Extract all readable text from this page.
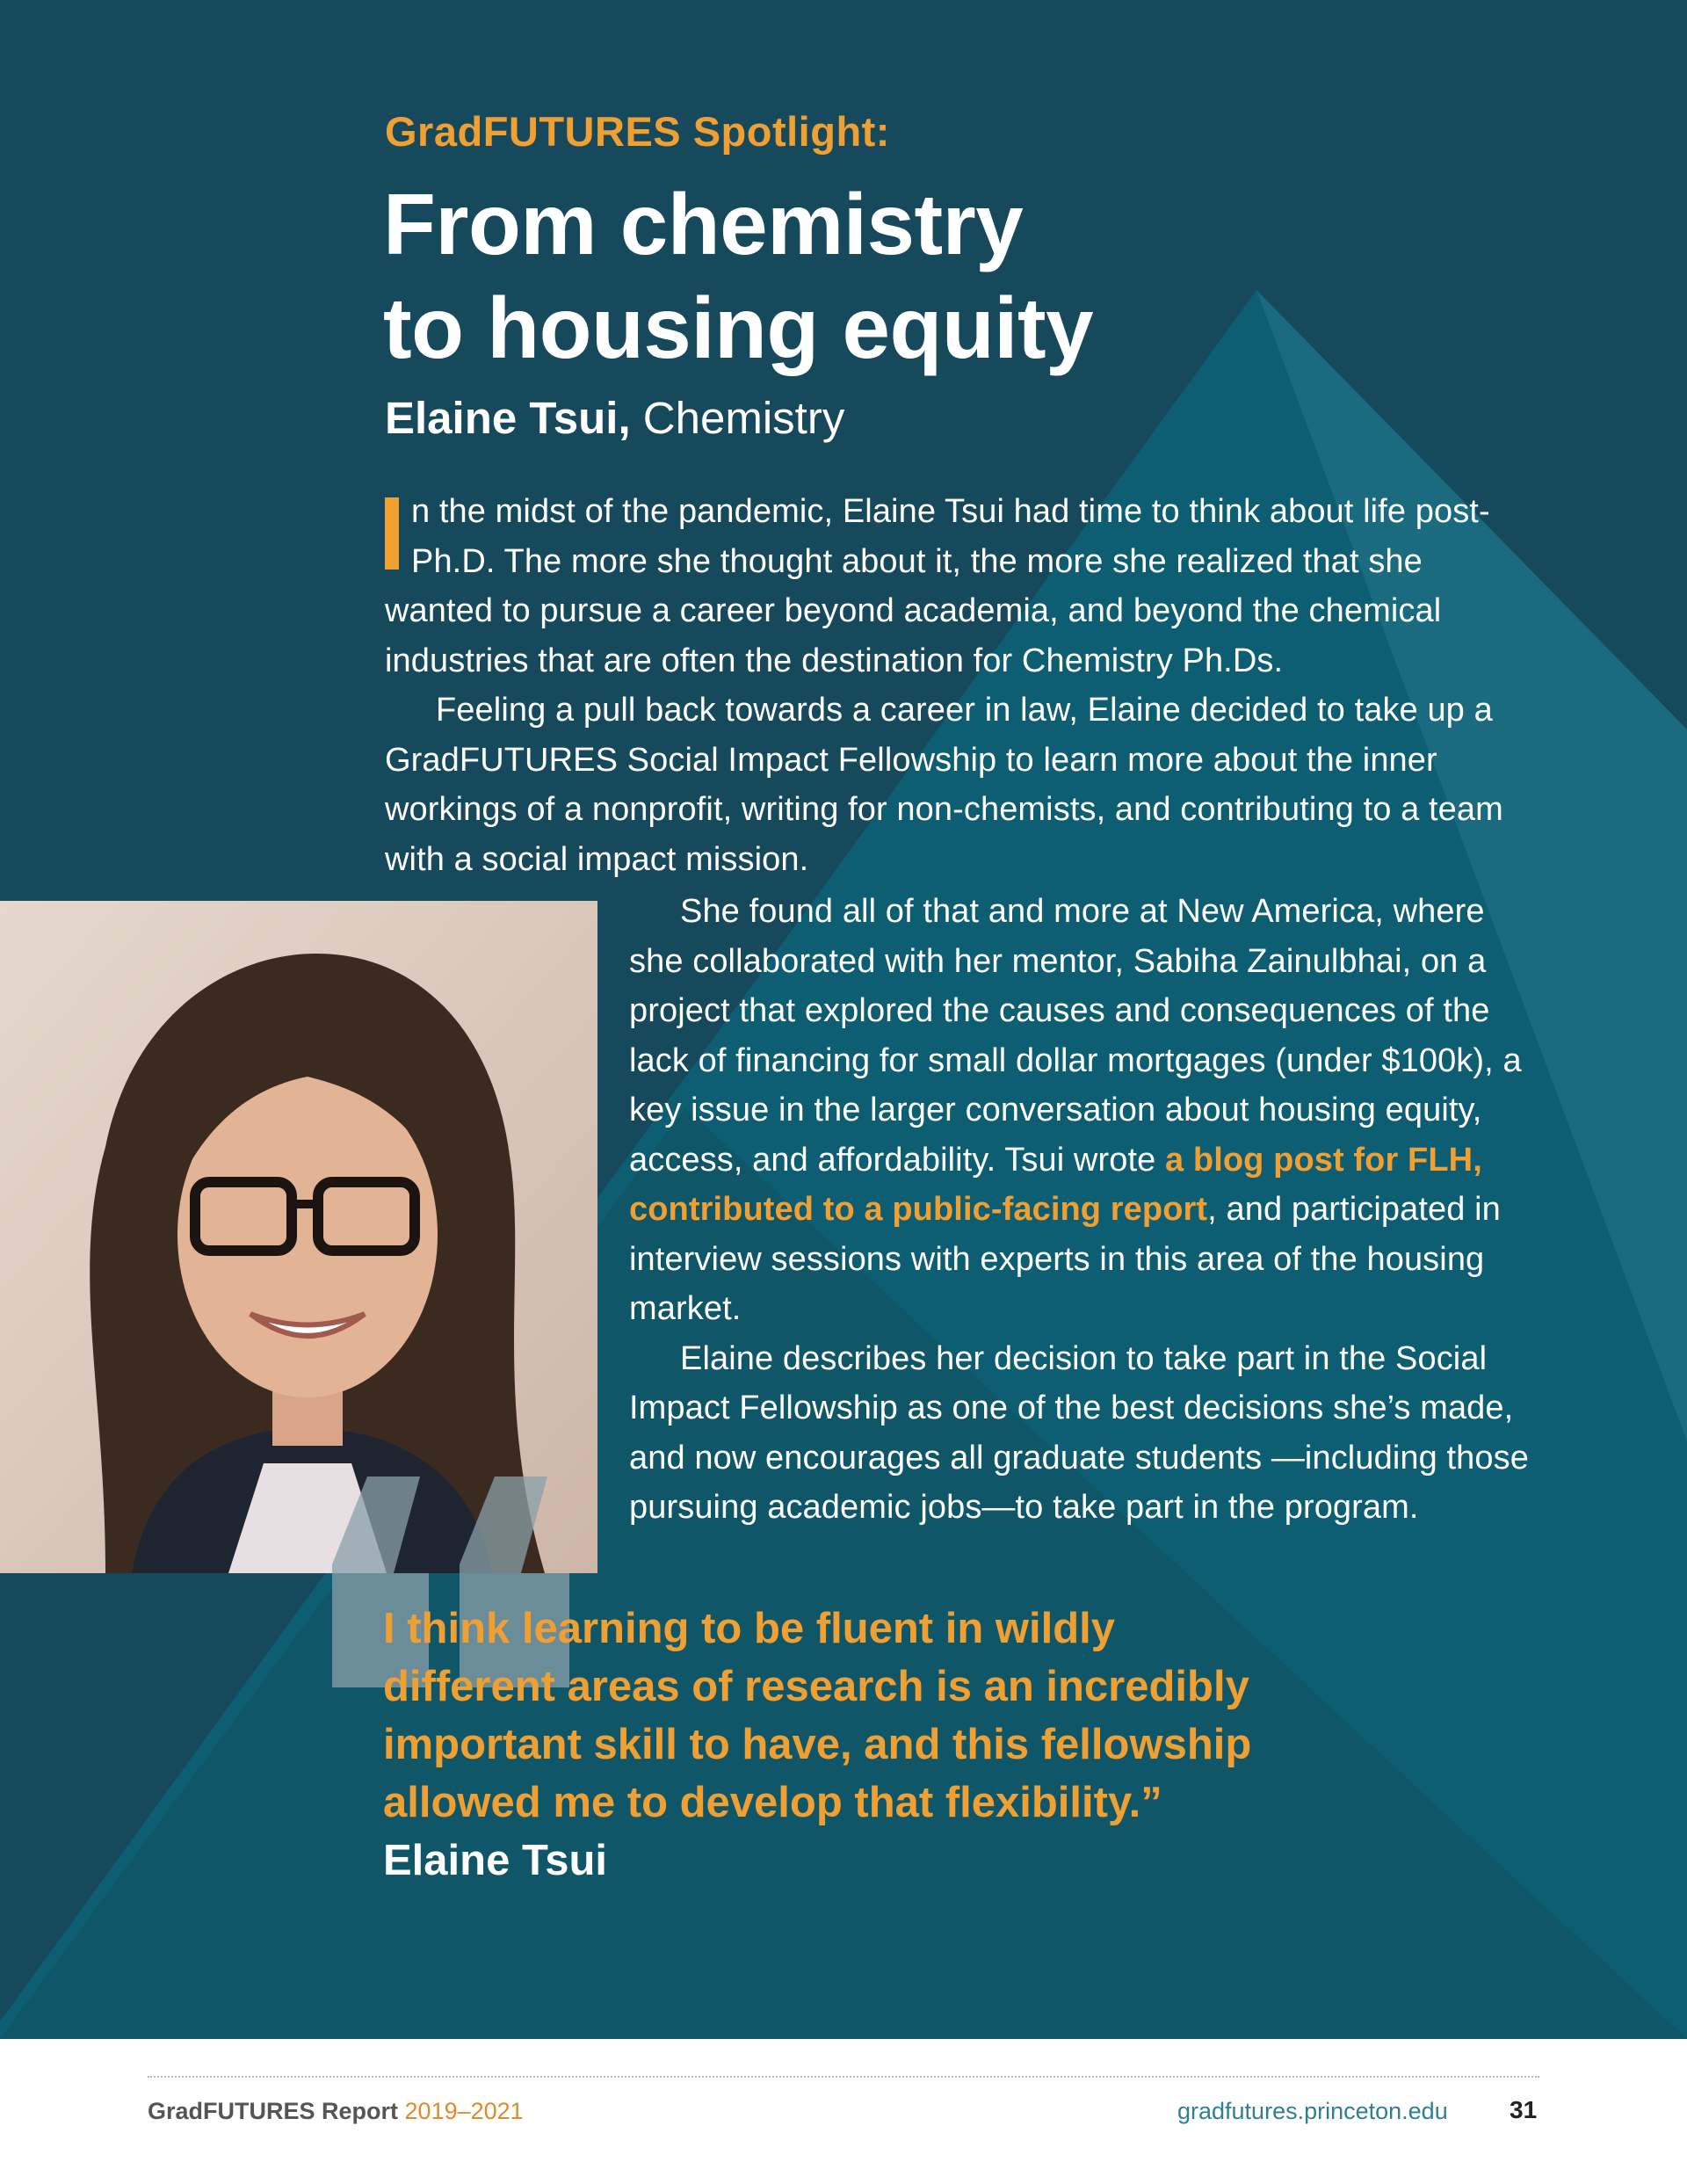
GradFUTURES Spotlight:
From chemistry
to housing equity
Elaine Tsui, Chemistry

n the midst of the pandemic, Elaine Tsui had time to think about life post-Ph.D. The more she thought about it, the more she realized that she wanted to pursue a career beyond academia, and beyond the chemical industries that are often the destination for Chemistry Ph.Ds.

Feeling a pull back towards a career in law, Elaine decided to take up a GradFUTURES Social Impact Fellowship to learn more about the inner workings of a nonprofit, writing for non-chemists, and contributing to a team with a social impact mission.

She found all of that and more at New America, where she collaborated with her mentor, Sabiha Zainulbhai, on a project that explored the causes and consequences of the lack of financing for small dollar mortgages (under $100k), a key issue in the larger conversation about housing equity, access, and affordability. Tsui wrote a blog post for FLH, contributed to a public-facing report, and participated in interview sessions with experts in this area of the housing market.

Elaine describes her decision to take part in the Social Impact Fellowship as one of the best decisions she’s made, and now encourages all graduate students —including those pursuing academic jobs—to take part in the program.

I think learning to be fluent in wildly different areas of research is an incredibly important skill to have, and this fellowship allowed me to develop that flexibility.” Elaine Tsui
GradFUTURES Report 2019–2021	gradfutures.princeton.edu	31
